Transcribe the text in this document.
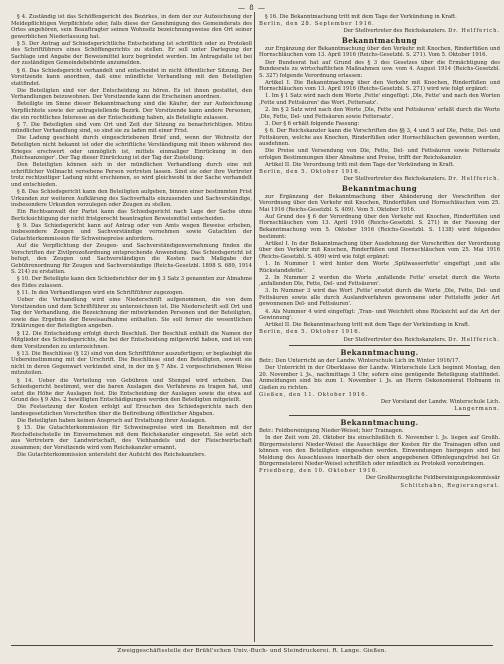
— 8 —

§ 4. Zuständig ist das Schöffengericht des Bezirkes, in dem der zur Aufzeichnung der Meldepflichtigen Verpflichtete oder, falls diese der Genehmigung des Gemeinderats des Ortes angehören, sein Beauftragter seinen Wohnsitz bezeichnungsweise den Ort seiner gewerblichen Niederlassung hat.

§ 5. Der Antrag auf Schiedsgerichtliche Entscheidung ist schriftlich oder zu Protokoll des Schriftführers eines Schöffengerichts zu stellen. Er soll unter Darlegung der Sachlage und Angabe der Beweismittel kurz begründet werden. Im Antragsfalle ist bei der zuständigen Gemeindebehörde anzumelden.

§ 6. Das Schiedsgericht verhandelt und entscheidet in nicht öffentlicher Sitzung. Der Vorsitzende kann anordnen, daß eine mündliche Verhandlung mit den Beteiligten stattfindet.

Die Beteiligten sind vor der Entscheidung zu hören. Es ist ihnen gestattet, den Verhandlungen beizuwohnen. Der Vorsitzende kann die Erscheinen anordnen.

Beteiligte im Sinne dieser Bekanntmachung sind die Käufer, der zur Aufzeichnung Verpflichtete sowie der antragstellende Bezirk. Der Vorsitzende kann andere Personen, die ein rechtliches Interesse an der Entscheidung haben, als Beteiligte zulassen.

§ 7. Die Beteiligten sind vom Ort und Zeit der Sitzung zu benachrichtigen. Mitzu mündlicher Verhandlung sind, so sind sie zu laden mit einer Frist.

Die Ladung geschieht durch eingeschriebenen Brief und, wenn der Wohnsitz der Beteiligten nicht bekannt ist oder die schriftliche Verständigung mit ihnen während des Krieges erschwert oder unmöglich ist, mittels einmaliger Einrückung in den ‚Reichsanzeiger'. Der Tag dieser Einrückung ist der Tag der Zustellung.

Den Beteiligten können sich in der mündlichen Verhandlung durch eine mit schriftlicher Vollmacht versehene Person vertreten lassen. Sind sie oder ihre Vertreter trotz rechtzeitiger Ladung nicht erschienen, so wird gleichwohl in der Sache verhandelt und entschieden.

§ 8. Das Schiedsgericht kann den Beteiligten aufgeben, binnen einer bestimmten Frist Urkunden zur weiteren Aufklärung des Sachverhalts einzusenden und Sachverständige, insbesondere Urkunden vorzulegen oder Zeugen zu stellen.

Ein Rechtsanwalt der Partei kann das Schiedsgericht nach Lage der Sache ohne Berücksichtigung der nicht fristgerecht beantragten Beweismittel entscheiden.

§ 9. Das Schiedsgericht kann auf Antrag oder von Amts wegen Beweise erheben, insbesondere Zeugen und Sachverständige vernehmen sowie Gutachten der Gutachterkommission für Schweinepreise anfordern.

Auf die Verpflichtung der Zeugen- und Sachverständigenvernehmung finden die Vorschriften der Zivilprozeßordnung entsprechende Anwendung. Das Schiedsgericht ist befugt, den Zeugen und Sachverständigen die Kosten nach Maßgabe der Gebührenordnung für Zeugen und Sachverständige (Reichs-Gesetzbl. 1898 S. 689, 1914 S. 214) zu erstatten.

§ 10. Der Beteiligte kann den Schiedsrichter der im § 3 Satz 3 genannten zur Abnahme des Eides zulassen.

§ 11. In den Verhandlungen wird ein Schriftführer zugezogen.

Ueber die Verhandlung wird eine Niederschrift aufgenommen, die von dem Vorsitzenden und dem Schriftführer zu unterzeichnen ist. Die Niederschrift soll Ort und Tag der Verhandlung, die Bezeichnung der mitwirkenden Personen und der Beteiligten, sowie das Ergebnis der Beweisaufnahme enthalten. Sie soll ferner die wesentlichen Erklärungen der Beteiligten angeben.

§ 12. Die Entscheidung erfolgt durch Beschluß. Der Beschluß enthält die Namen der Mitglieder des Schiedsgerichts, die bei der Entscheidung mitgewirkt haben, und ist von dem Vorsitzenden zu unterzeichnen.

§ 13. Die Beschlüsse (§ 12) sind von dem Schriftführer auszufertigen; er beglaubigt die Uebereinstimmung mit der Urschrift. Die Beschlüsse sind den Beteiligten, soweit sie nicht in deren Gegenwart verkündet sind, in der im § 7 Abs. 2 vorgeschriebenen Weise mitzuteilen.

§ 14. Ueber die Verteilung von Gebühren und Stempel wird erhoben. Das Schiedsgericht bestimmt, wer die baren Auslagen des Verfahrens zu tragen hat, und setzt die Höhe der Auslagen fest. Die Entscheidung der Auslagen sowie die etwa auf Grund des § 9 Abs. 2 bewilligten Entschädigungen werden den Beteiligten mitgeteilt.

Die Festsetzung der Kosten erfolgt auf Ersuchen des Schiedsgerichts nach den landesgesetzlichen Vorschriften über die Beitreibung öffentlicher Abgaben.

Die Beteiligten haben keinen Anspruch auf Erstattung ihrer Auslagen.

§ 15. Die Gutachterkommission für Schweinepreise wird im Benehmen mit der Reichsfleischstelle im Einvernehmen mit dem Reichskanzler eingesetzt. Sie setzt sich aus Vertretern der Landwirtschaft, des Viehhandels und der Fleischwirtschaft zusammen; der Vorsitzende wird vom Reichskanzler ernannt.

Die Gutachterkommission untersteht der Aufsicht des Reichskanzlers.

§ 16. Die Bekanntmachung tritt mit dem Tage der Verkündung in Kraft.

Berlin, den 28. September 1916.

Der Stellvertreter des Reichskanzlers. Dr. Helfferich.

Bekanntmachung

zur Ergänzung der Bekanntmachung über den Verkehr mit Knochen, Rinderfüßen und Hornschläuchen vom 13. April 1916 (Reichs-Gesetzbl. S. 271). Vom 5. Oktober 1916.

Der Bundesrat hat auf Grund des § 3 des Gesetzes über die Ermächtigung des Bundesrats zu wirtschaftlichen Maßnahmen usw. vom 4. August 1914 (Reichs-Gesetzbl. S. 327) folgende Verordnung erlassen:

Artikel I. Die Bekanntmachung über den Verkehr mit Knochen, Rinderfüßen und Hornschläuchen vom 13. April 1916 (Reichs-Gesetzbl. S. 271) wird wie folgt ergänzt:

1. Im § 1 Satz wird nach dem Worte ‚Fette' eingefügt: ‚Dle, Fette' und nach den Worten ‚Fette und Fettsäuren' das Wort ‚Fettersatz'.

2. Im § 2 Satz wird nach den Worte ‚Dle, Fette und Fettsäuren' erfaßt durch die Worte ‚Dle, Fette, Del- und Fettsäuren sowie Fettersatz'.

3. Der § 6 erhält folgende Fassung:

§ 6. Der Reichskanzler kann die Vorschriften des §§ 3, 4 und 5 auf Dle, Fette, Del- und Fettsäuren, welche aus Knochen, Rinderfüßen oder Hornschläuchen gewonnen werden, ausdehnen.

Die Preise und Versendung von Dle, Fette, Del- und Fettsäuren sowie Fettersatz erfolgen Bestimmungen über Abnahme und Preise, trifft der Reichskanzler.

Artikel II. Die Verordnung tritt mit dem Tage der Verkündung in Kraft.

Berlin, den 5. Oktober 1916.

Der Stellvertreter des Reichskanzlers. Dr. Helfferich.

Bekanntmachung

zur Ergänzung der Bekanntmachung über Abänderung der Vorschriften der Verordnung über den Verkehr mit Knochen, Rinderfüßen und Hornschläuchen vom 25. Mai 1916 (Reichs-Gesetzbl. S. 409). Vom 5. Oktober 1916.

Auf Grund des § 6 der Verordnung über den Verkehr mit Knochen, Rinderfüßen und Hornschläuchen vom 13. April 1916 (Reichs-Gesetzbl. S. 271) in der Fassung der Bekanntmachung vom 5. Oktober 1916 (Reichs-Gesetzbl. S. 1138) wird folgendes bestimmt:

Artikel I. In der Bekanntmachung über Ausdehnung der Vorschriften der Verordnung über den Verkehr mit Knochen, Rinderfüßen und Hornschläuchen vom 25. Mai 1916 (Reichs-Gesetzbl. S. 409) wird wie folgt ergänzt:

1. In Nummer 1 wird hinter dem Worte ‚Spülwasserfette' eingefügt ‚und alle Rückstandsfette'.

2. In Nummer 2 werden die Worte ‚anfallende Fette' ersetzt durch die Worte ‚anfallenden Dle, Fette, Del- und Fettsäuren'.

3. In Nummer 3 wird das Wort ‚Fette' ersetzt durch die Worte ‚Dle, Fette, Del- und Fettsäuren sowie alle durch Auslandverfahren gewonnene oder Fettstoffe jeder Art gewonnenen Del- und Fettsäuren'.

4. Als Nummer 4 wird eingefügt: ‚Tran- und Weichfett ohne Rücksicht auf die Art der Gewinnung'.

Artikel II. Die Bekanntmachung tritt mit dem Tage der Verkündung in Kraft.

Berlin, den 5. Oktober 1916.

Der Stellvertreter des Reichskanzlers. Dr. Helfferich.

Bekanntmachung.

Betr.: Den Unterricht an der Landw. Winterschule Lich im Winter 1916/17.

Der Unterricht in der Oberklasse der Landw. Winterschule Lich beginnt Montag, den 20. November l. Js., nachmittags 3 Uhr, sofern eine genügende Beteiligung stattfindet. Anmeldungen sind bis zum 1. November l. Js. an Herrn Oekonomierat Hofmann in Gießen zu richten.

Gießen, den 11. Oktober 1916.

Der Vorstand der Landw. Winterschule Lich.

Langermann.

Bekanntmachung.

Betr.: Feldbereinigung Nieder-Weisel; hier Trainagen.

In der Zeit vom 20. Oktober bis einschließlich 6. November l. Js. liegen auf Großh. Bürgermeisterei Nieder-Weisel die Ausschläge der Kosten für die Trainagen offen und können von den Beteiligten eingesehen werden. Einwendungen hiergegen sind bei Meldung des Ausschlusses innerhalb der oben angegebenen Offenlegungsfrist bei Gr. Bürgermeisterei Nieder-Weisel schriftlich oder mündlich zu Protokoll vorzubringen.

Friedberg, den 10. Oktober 1916.

Der Großherzogliche Feldbereinigungskommissär

Schlitzhahn, Regierungsrat.

Zweiggeschäftsstelle der Brühl'schen Univ.-Buch- und Steindruckerei. R. Lange. Gießen.
